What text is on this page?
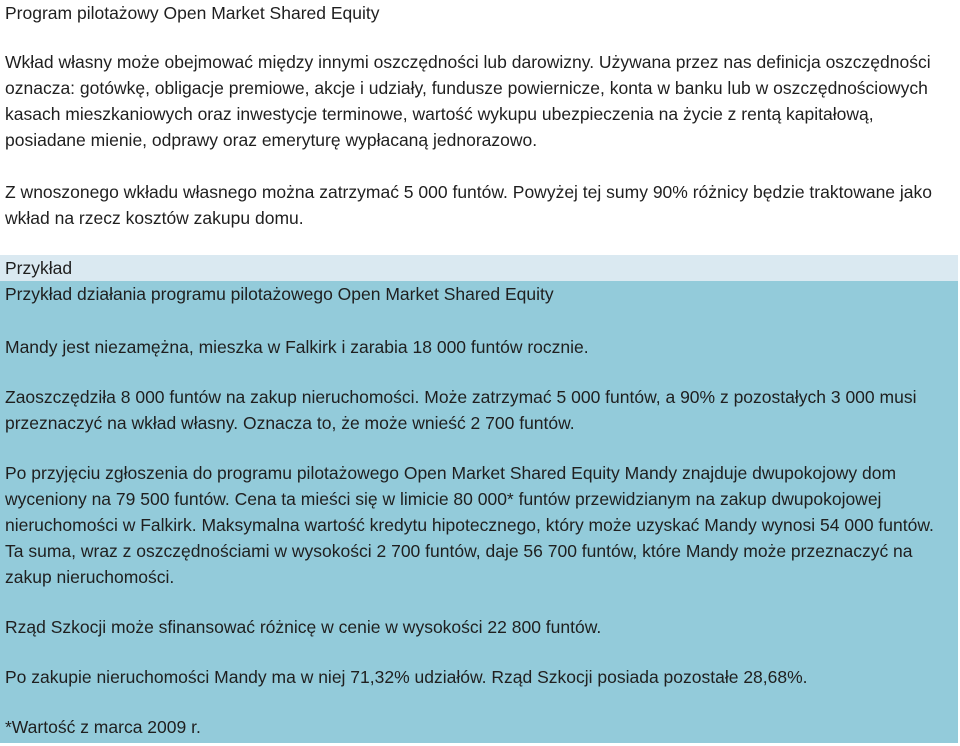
Program pilotażowy Open Market Shared Equity

Wkład własny może obejmować między innymi oszczędności lub darowizny. Używana przez nas definicja oszczędności oznacza: gotówkę, obligacje premiowe, akcje i udziały, fundusze powiernicze, konta w banku lub w oszczędnościowych kasach mieszkaniowych oraz inwestycje terminowe, wartość wykupu ubezpieczenia na życie z rentą kapitałową, posiadane mienie, odprawy oraz emeryturę wypłacaną jednorazowo.

Z wnoszonego wkładu własnego można zatrzymać 5 000 funtów. Powyżej tej sumy 90% różnicy będzie traktowane jako wkład na rzecz kosztów zakupu domu.

Przykład

Przykład działania programu pilotażowego Open Market Shared Equity

Mandy jest niezamężna, mieszka w Falkirk i zarabia 18 000 funtów rocznie.

Zaoszczędziła 8 000 funtów na zakup nieruchomości. Może zatrzymać 5 000 funtów, a 90% z pozostałych 3 000 musi przeznaczyć na wkład własny. Oznacza to, że może wnieść 2 700 funtów.

Po przyjęciu zgłoszenia do programu pilotażowego Open Market Shared Equity Mandy znajduje dwupokojowy dom wyceniony na 79 500 funtów. Cena ta mieści się w limicie 80 000* funtów przewidzianym na zakup dwupokojowej nieruchomości w Falkirk. Maksymalna wartość kredytu hipotecznego, który może uzyskać Mandy wynosi 54 000 funtów. Ta suma, wraz z oszczędnościami w wysokości 2 700 funtów, daje 56 700 funtów, które Mandy może przeznaczyć na zakup nieruchomości.

Rząd Szkocji może sfinansować różnicę w cenie w wysokości 22 800 funtów.

Po zakupie nieruchomości Mandy ma w niej 71,32% udziałów. Rząd Szkocji posiada pozostałe 28,68%.

*Wartość z marca 2009 r.
